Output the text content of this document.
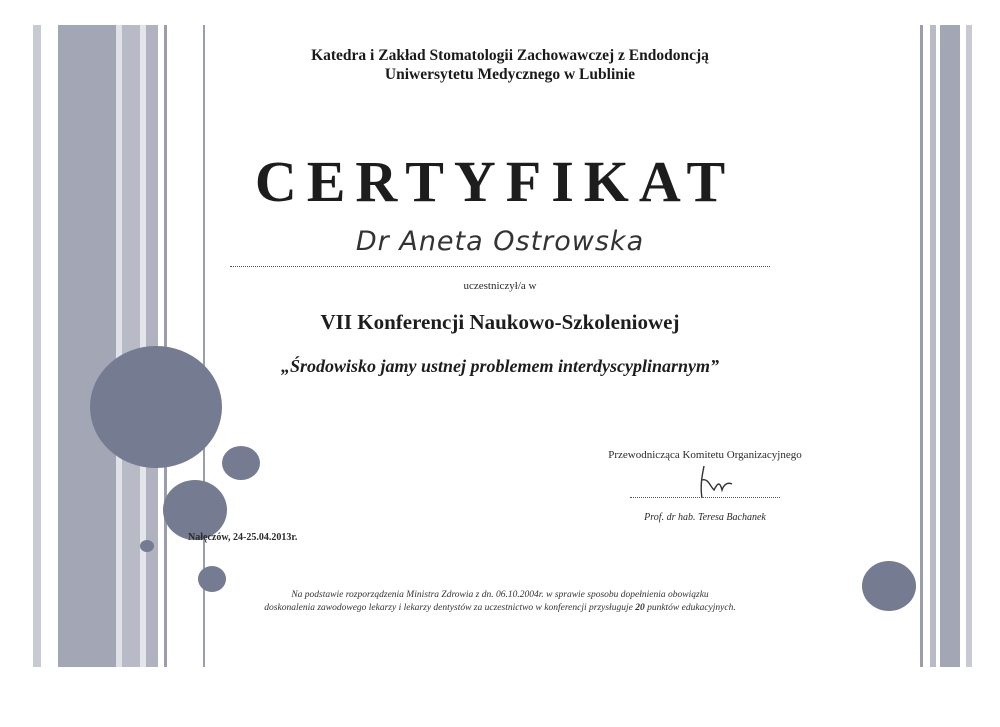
Katedra i Zakład Stomatologii Zachowawczej z Endodoncją
Uniwersytetu Medycznego w Lublinie
CERTYFIKAT
Dr Aneta Ostrowska
uczestniczył/a w
VII Konferencji Naukowo-Szkoleniowej
„Środowisko jamy ustnej problemem interdyscyplinarnym”
Przewodnicząca Komitetu Organizacyjnego
Prof. dr hab. Teresa Bachanek
Nałęczów, 24-25.04.2013r.
Na podstawie rozporządzenia Ministra Zdrowia z dn. 06.10.2004r. w sprawie sposobu dopełnienia obowiązku
doskonalenia zawodowego lekarzy i lekarzy dentystów za uczestnictwo w konferencji przysługuje 20 punktów edukacyjnych.
